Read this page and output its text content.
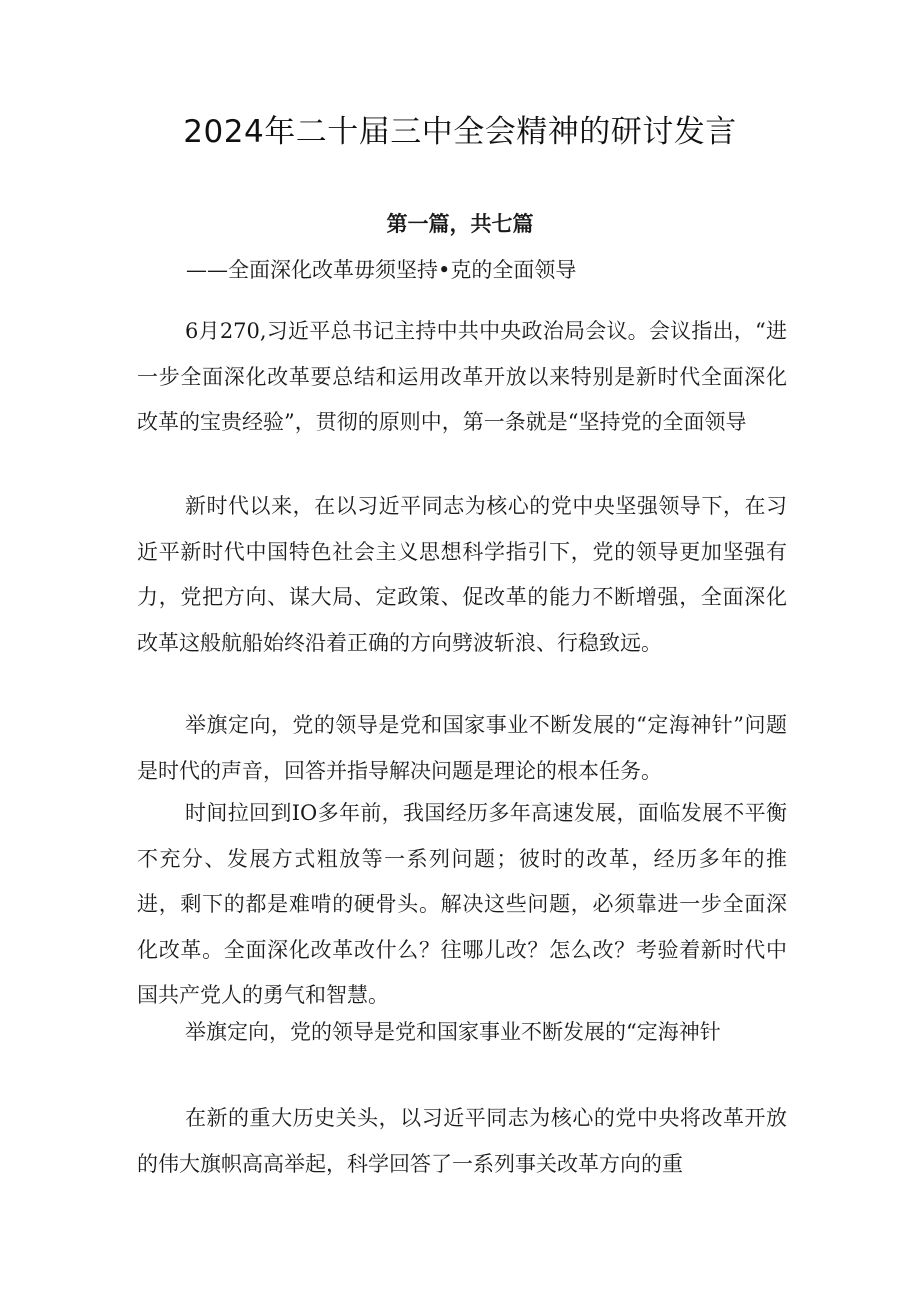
2024年二十届三中全会精神的研讨发言
第一篇，共七篇
——全面深化改革毋须坚持•克的全面领导

6月270,习近平总书记主持中共中央政治局会议。会议指出，“进一步全面深化改革要总结和运用改革开放以来特别是新时代全面深化改革的宝贵经验”，贯彻的原则中，第一条就是“坚持党的全面领导

新时代以来，在以习近平同志为核心的党中央坚强领导下，在习近平新时代中国特色社会主义思想科学指引下，党的领导更加坚强有力，党把方向、谋大局、定政策、促改革的能力不断增强，全面深化改革这般航船始终沿着正确的方向劈波斩浪、行稳致远。

举旗定向，党的领导是党和国家事业不断发展的“定海神针”问题是时代的声音，回答并指导解决问题是理论的根本任务。

时间拉回到IO多年前，我国经历多年高速发展，面临发展不平衡不充分、发展方式粗放等一系列问题；彼时的改革，经历多年的推进，剩下的都是难啃的硬骨头。解决这些问题，必须靠进一步全面深化改革。全面深化改革改什么？往哪儿改？怎么改？考验着新时代中国共产党人的勇气和智慧。

举旗定向，党的领导是党和国家事业不断发展的“定海神针

在新的重大历史关头，以习近平同志为核心的党中央将改革开放的伟大旗帜高高举起，科学回答了一系列事关改革方向的重
